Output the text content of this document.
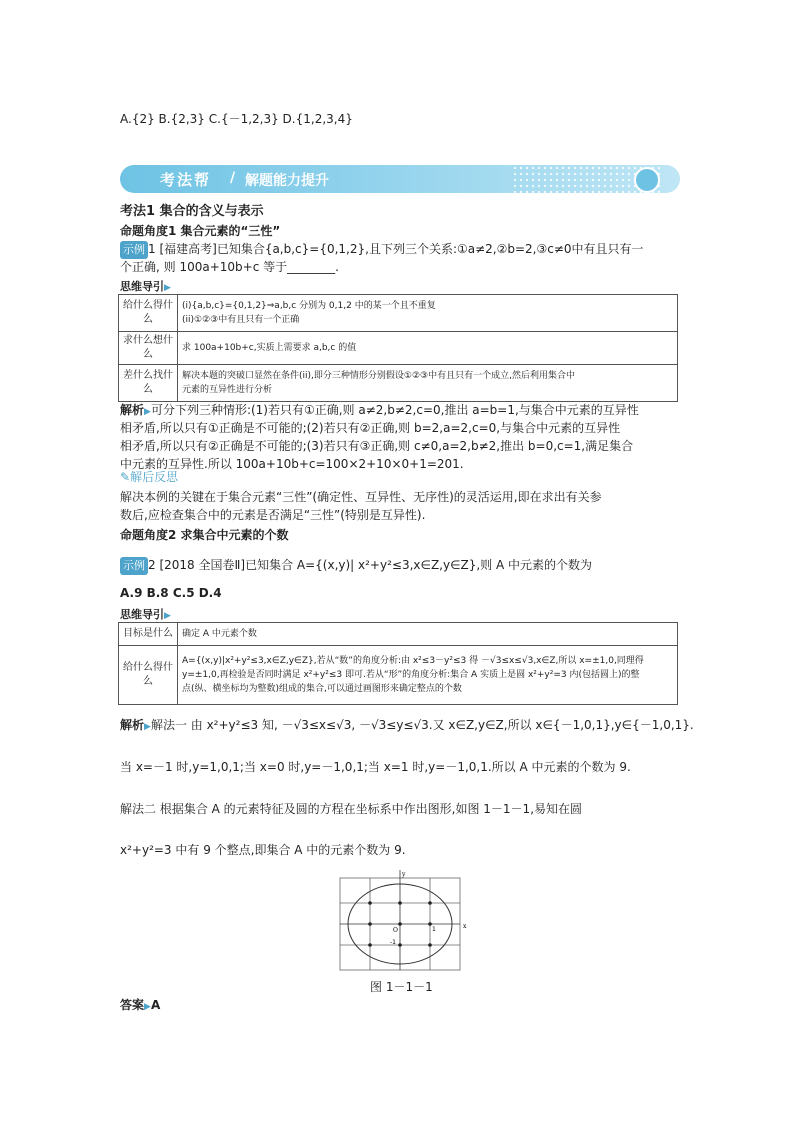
A.{2} B.{2,3} C.{－1,2,3} D.{1,2,3,4}
考法帮 / 解题能力提升
考法1 集合的含义与表示
命题角度1 集合元素的“三性”
示例 1 [福建高考]已知集合{a,b,c}={0,1,2},且下列三个关系:①a≠2,②b=2,③c≠0中有且只有一
个正确, 则 100a+10b+c 等于________.
思维导引▶
给什么得什么	(i){a,b,c}={0,1,2}⇒a,b,c 分别为 0,1,2 中的某一个且不重复
(ii)①②③中有且只有一个正确

求什么想什么	求 100a+10b+c,实质上需要求 a,b,c 的值
差什么找什么	解决本题的突破口显然在条件(ii),即分三种情形分别假设①②③中有且只有一个成立,然后利用集合中
元素的互异性进行分析
解析▶可分下列三种情形:(1)若只有①正确,则 a≠2,b≠2,c=0,推出 a=b=1,与集合中元素的互异性
相矛盾,所以只有①正确是不可能的;(2)若只有②正确,则 b=2,a=2,c=0,与集合中元素的互异性
相矛盾,所以只有②正确是不可能的;(3)若只有③正确,则 c≠0,a=2,b≠2,推出 b=0,c=1,满足集合
中元素的互异性.所以 100a+10b+c=100×2+10×0+1=201.
✎解后反思
解决本例的关键在于集合元素“三性”(确定性、互异性、无序性)的灵活运用,即在求出有关参
数后,应检查集合中的元素是否满足“三性”(特别是互异性).
命题角度2 求集合中元素的个数
示例 2 [2018 全国卷Ⅱ]已知集合 A={(x,y)| x²+y²≤3,x∈Z,y∈Z},则 A 中元素的个数为
A.9 B.8 C.5 D.4
思维导引▶
目标是什么	确定 A 中元素个数
给什么得什么	A={(x,y)|x²+y²≤3,x∈Z,y∈Z},若从“数”的角度分析:由 x²≤3－y²≤3 得 －√3≤x≤√3,x∈Z,所以 x=±1,0,同理得
y=±1,0,再检验是否同时满足 x²+y²≤3 即可.若从“形”的角度分析:集合 A 实质上是圆 x²+y²=3 内(包括圆上)的整
点(纵、横坐标均为整数)组成的集合,可以通过画图形来确定整点的个数
解析▶解法一 由 x²+y²≤3 知, －√3≤x≤√3, －√3≤y≤√3.又 x∈Z,y∈Z,所以 x∈{－1,0,1},y∈{－1,0,1}.
当 x=－1 时,y=1,0,1;当 x=0 时,y=－1,0,1;当 x=1 时,y=－1,0,1.所以 A 中元素的个数为 9.
解法二 根据集合 A 的元素特征及圆的方程在坐标系中作出图形,如图 1－1－1,易知在圆
x²+y²=3 中有 9 个整点,即集合 A 中的元素个数为 9.
x
y
O	1
-1
图 1－1－1
答案▶A
